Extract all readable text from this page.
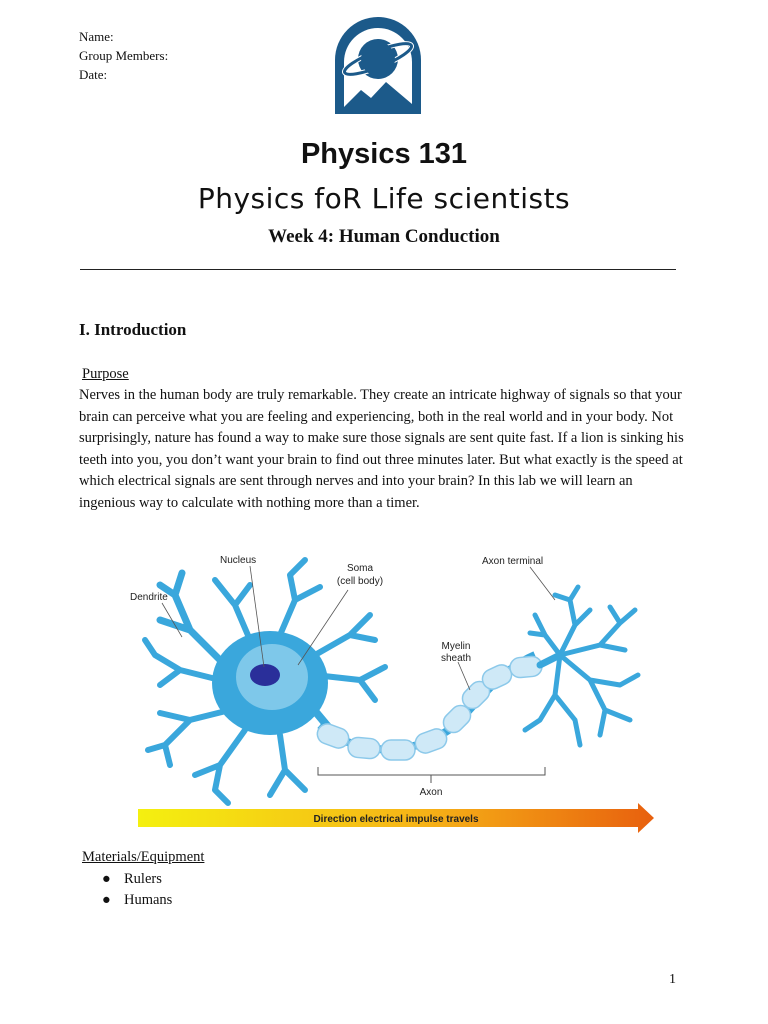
Name:
Group Members:
Date:
Physics 131
Physics foR Life scientists
Week 4: Human Conduction
I. Introduction
Purpose
Nerves in the human body are truly remarkable. They create an intricate highway of signals so that your brain can perceive what you are feeling and experiencing, both in the real world and in your body. Not surprisingly, nature has found a way to make sure those signals are sent quite fast. If a lion is sinking his teeth into you, you don’t want your brain to find out three minutes later. But what exactly is the speed at which electrical signals are sent through nerves and into your brain? In this lab we will learn an ingenious way to calculate with nothing more than a timer.
Nucleus
Soma
(cell body)
Dendrite
Axon terminal
Myelin
sheath
Axon
Direction electrical impulse travels
Materials/Equipment
● Rulers
● Humans
1
